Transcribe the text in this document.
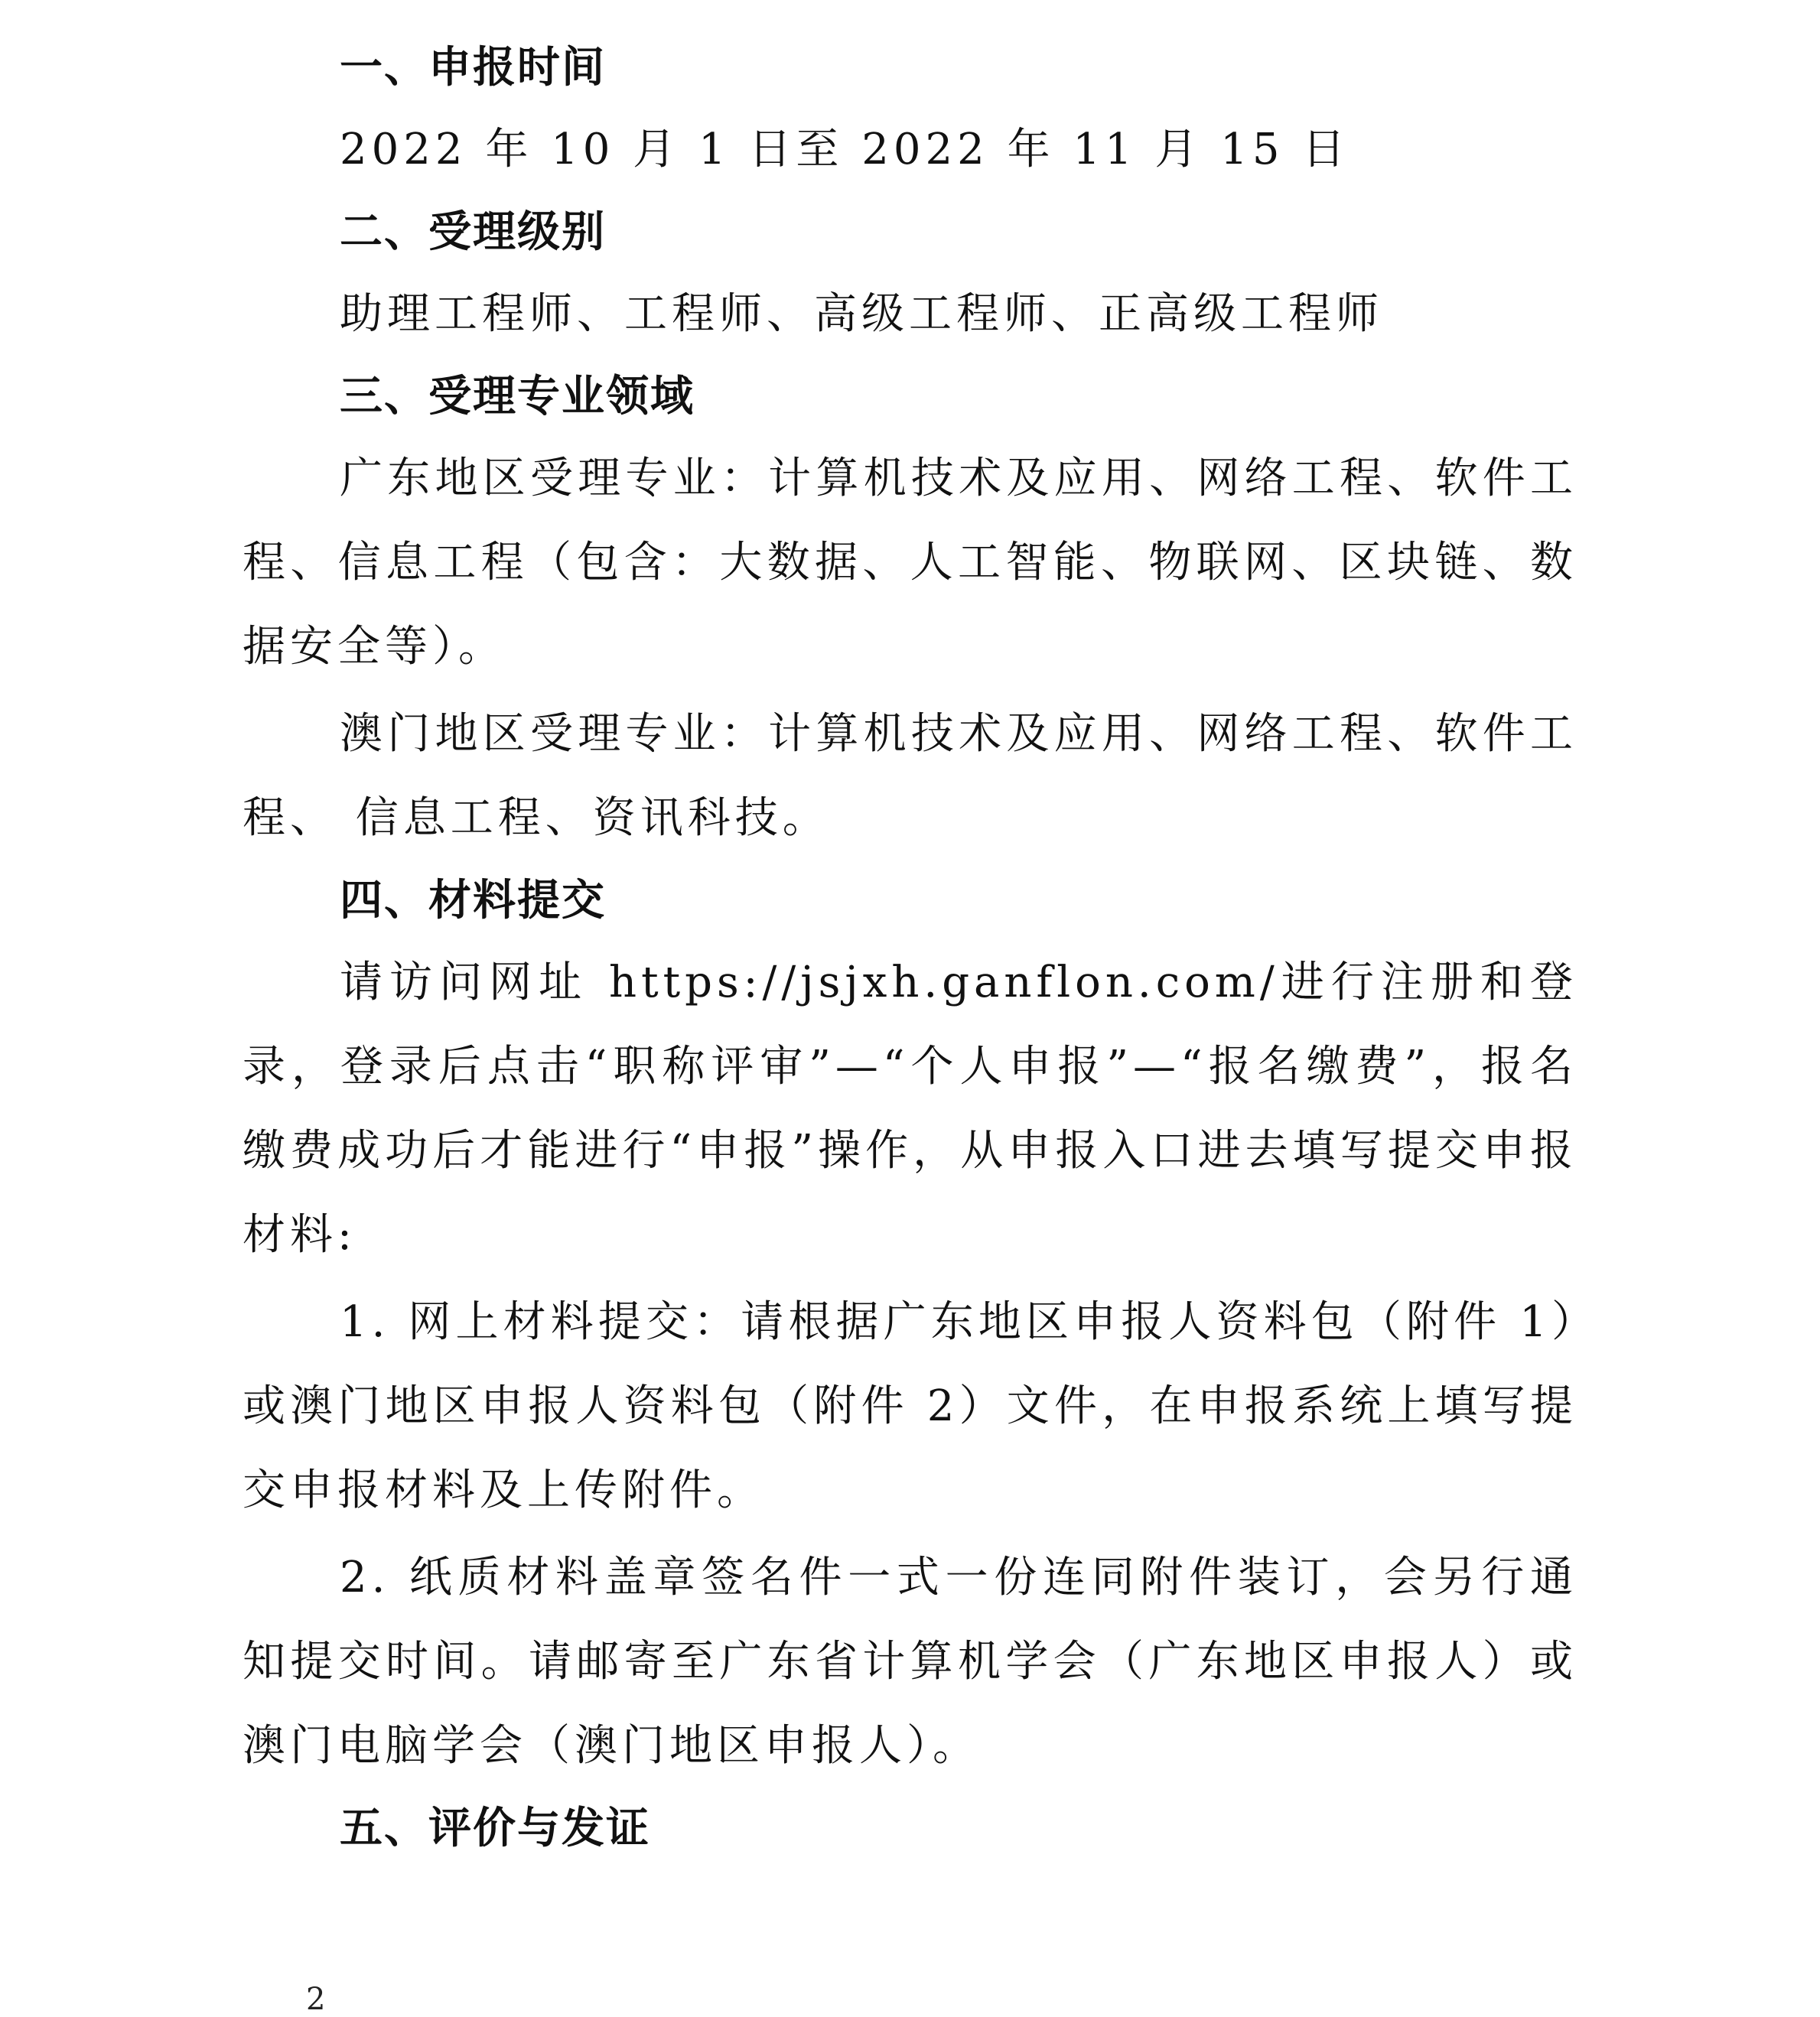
一、申报时间

2022 年 10 月 1 日至 2022 年 11 月 15 日

二、受理级别

助理工程师、工程师、高级工程师、正高级工程师

三、受理专业领域

广东地区受理专业：计算机技术及应用、网络工程、软件工程、信息工程（包含：大数据、人工智能、物联网、区块链、数据安全等）。

澳门地区受理专业：计算机技术及应用、网络工程、软件工程、 信息工程、资讯科技。

四、材料提交

请访问网址 https://jsjxh.ganflon.com/进行注册和登录，登录后点击“职称评审”—“个人申报”—“报名缴费”，报名缴费成功后才能进行“申报”操作，从申报入口进去填写提交申报材料:

1. 网上材料提交：请根据广东地区申报人资料包（附件 1）或澳门地区申报人资料包（附件 2）文件，在申报系统上填写提交申报材料及上传附件。

2. 纸质材料盖章签名件一式一份连同附件装订，会另行通知提交时间。请邮寄至广东省计算机学会（广东地区申报人）或澳门电脑学会（澳门地区申报人）。

五、评价与发证
2
